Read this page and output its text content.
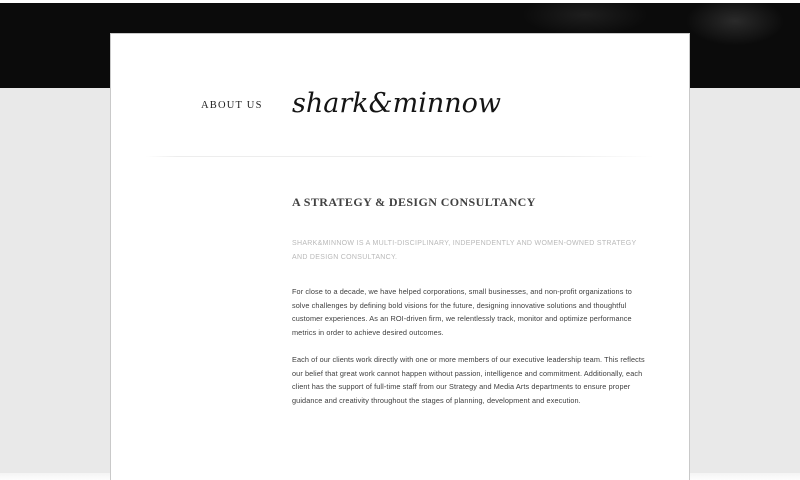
ABOUT US shark&minnow
A STRATEGY & DESIGN CONSULTANCY

SHARK&MINNOW IS A MULTI-DISCIPLINARY, INDEPENDENTLY AND WOMEN-OWNED STRATEGY AND DESIGN CONSULTANCY.

For close to a decade, we have helped corporations, small businesses, and non-profit organizations to solve challenges by defining bold visions for the future, designing innovative solutions and thoughtful customer experiences. As an ROI-driven firm, we relentlessly track, monitor and optimize performance metrics in order to achieve desired outcomes.

Each of our clients work directly with one or more members of our executive leadership team. This reflects our belief that great work cannot happen without passion, intelligence and commitment. Additionally, each client has the support of full-time staff from our Strategy and Media Arts departments to ensure proper guidance and creativity throughout the stages of planning, development and execution.
